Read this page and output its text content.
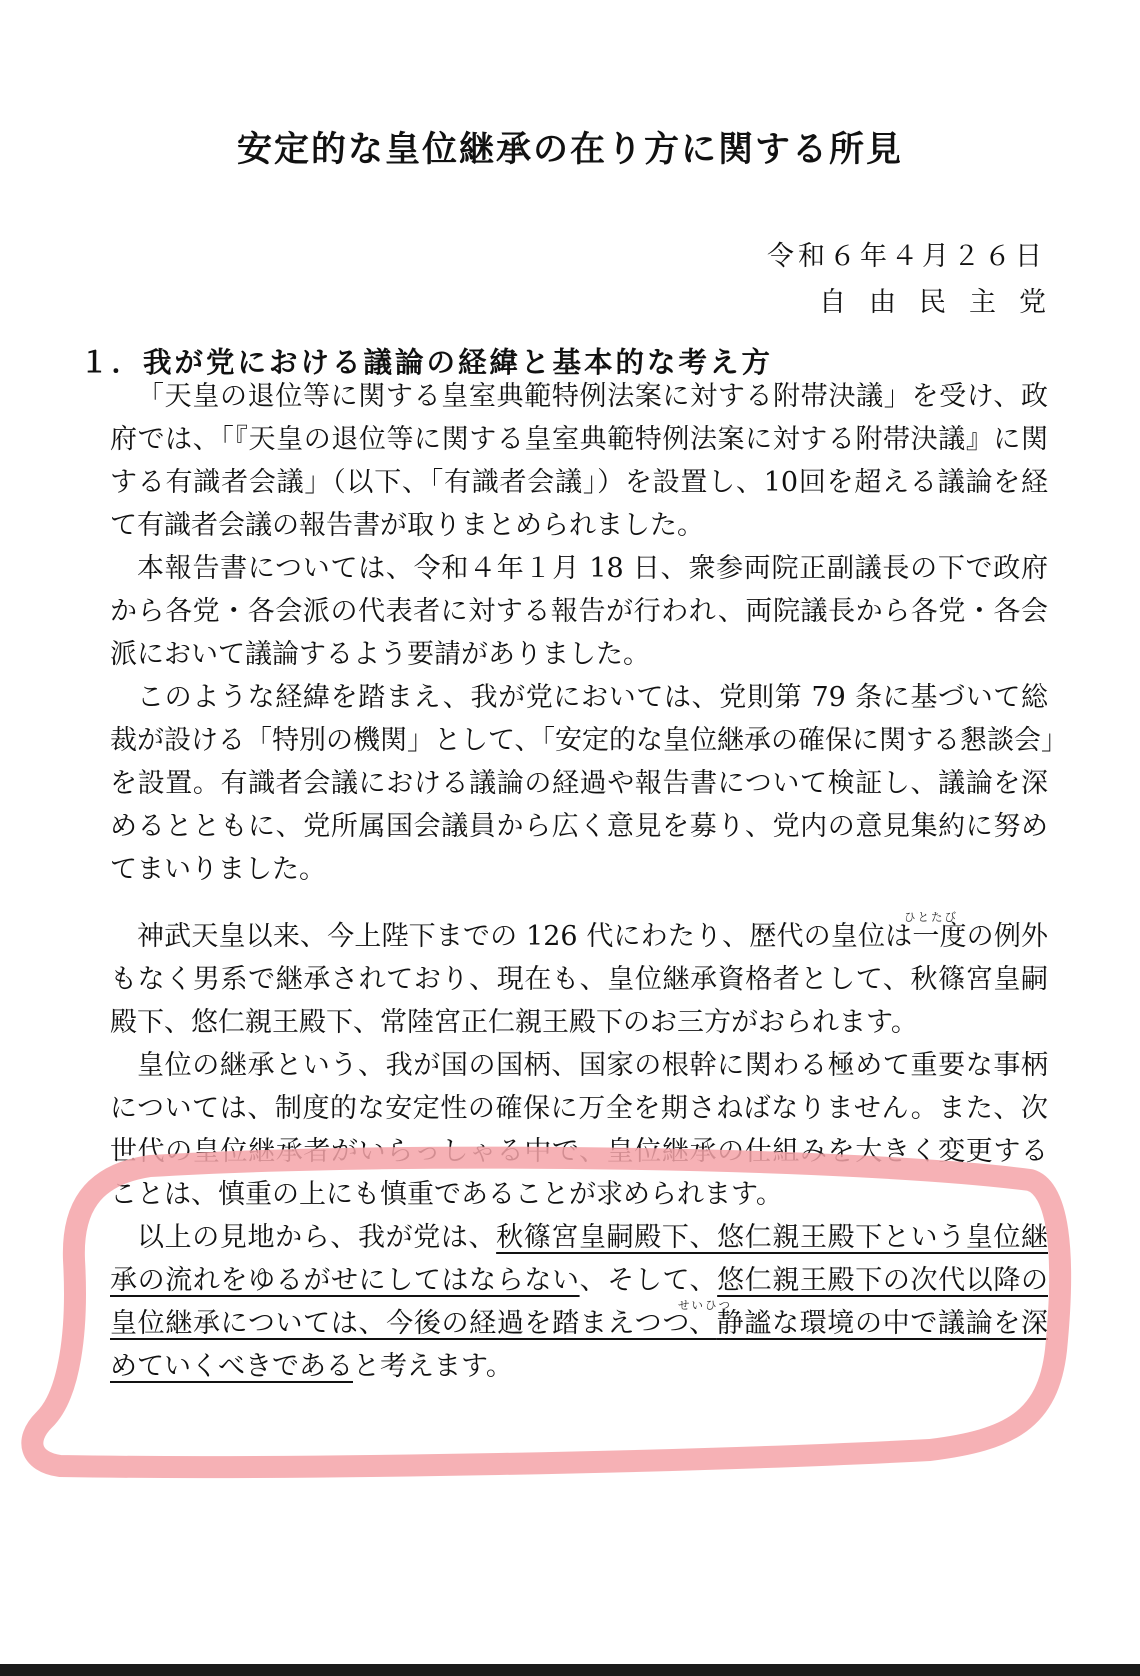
安定的な皇位継承の在り方に関する所見
令和６年４月２６日
自由民主党
１．我が党における議論の経緯と基本的な考え方
「天皇の退位等に関する皇室典範特例法案に対する附帯決議」を受け、政
府では、「『天皇の退位等に関する皇室典範特例法案に対する附帯決議』に関
する有識者会議」（以下、「有識者会議」）を設置し、10回を超える議論を経
て有識者会議の報告書が取りまとめられました。
本報告書については、令和４年１月 18 日、衆参両院正副議長の下で政府
から各党・各会派の代表者に対する報告が行われ、両院議長から各党・各会
派において議論するよう要請がありました。
このような経緯を踏まえ、我が党においては、党則第 79 条に基づいて総
裁が設ける「特別の機関」として、「安定的な皇位継承の確保に関する懇談会」
を設置。有識者会議における議論の経過や報告書について検証し、議論を深
めるとともに、党所属国会議員から広く意見を募り、党内の意見集約に努め
てまいりました。
ひとたび
神武天皇以来、今上陛下までの 126 代にわたり、歴代の皇位は一度の例外
もなく男系で継承されており、現在も、皇位継承資格者として、秋篠宮皇嗣
殿下、悠仁親王殿下、常陸宮正仁親王殿下のお三方がおられます。
皇位の継承という、我が国の国柄、国家の根幹に関わる極めて重要な事柄
については、制度的な安定性の確保に万全を期さねばなりません。また、次
世代の皇位継承者がいらっしゃる中で、皇位継承の仕組みを大きく変更する
ことは、慎重の上にも慎重であることが求められます。
以上の見地から、我が党は、秋篠宮皇嗣殿下、悠仁親王殿下という皇位継
承の流れをゆるがせにしてはならない、そして、悠仁親王殿下の次代以降の
せいひつ
皇位継承については、今後の経過を踏まえつつ、静謐な環境の中で議論を深
めていくべきであると考えます。
